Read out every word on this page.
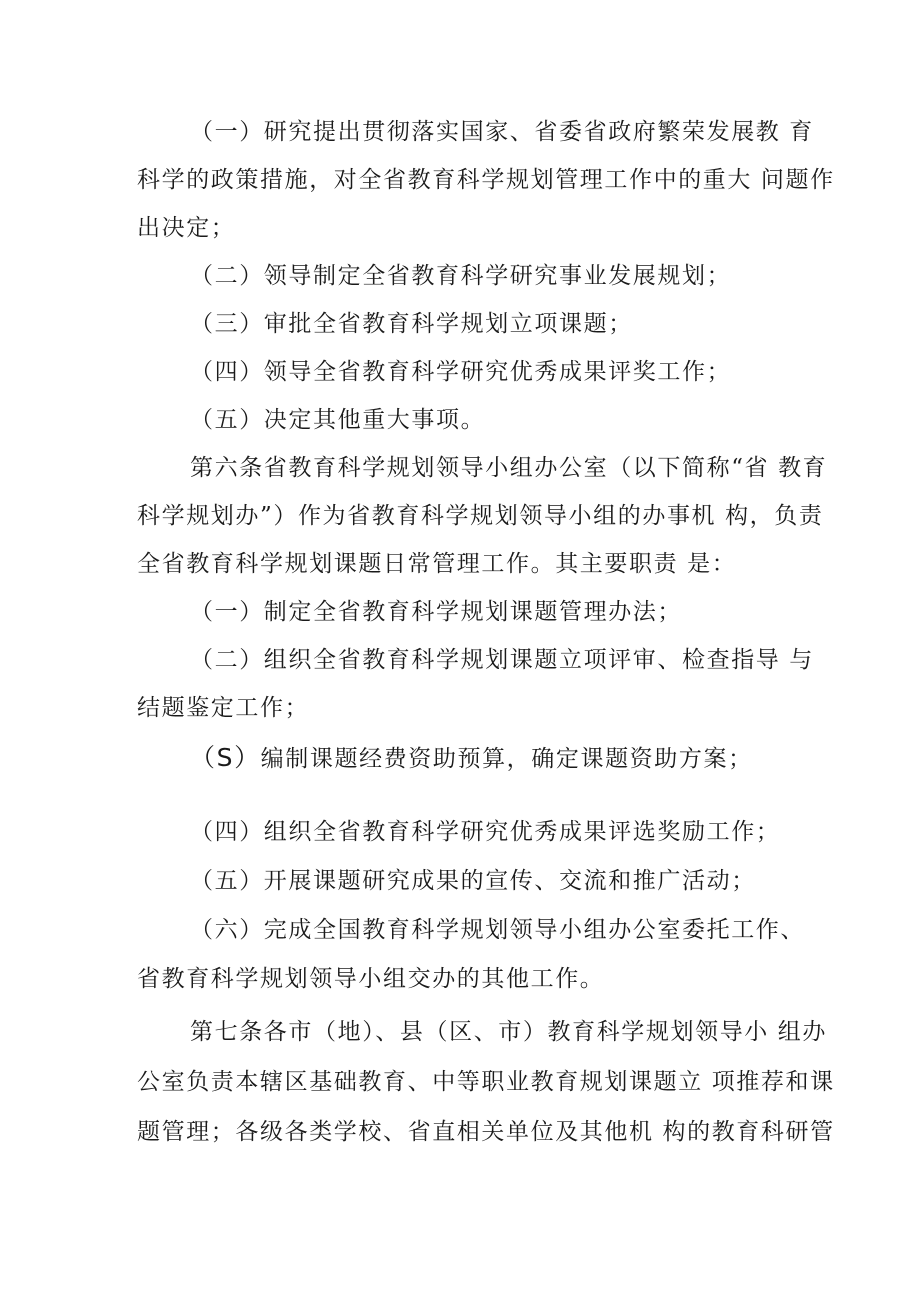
（一）研究提出贯彻落实国家、省委省政府繁荣发展教 育
科学的政策措施，对全省教育科学规划管理工作中的重大 问题作
出决定；
（二）领导制定全省教育科学研究事业发展规划；
（三）审批全省教育科学规划立项课题；
（四）领导全省教育科学研究优秀成果评奖工作；
（五）决定其他重大事项。
第六条省教育科学规划领导小组办公室（以下简称“省 教育
科学规划办”）作为省教育科学规划领导小组的办事机 构，负责
全省教育科学规划课题日常管理工作。其主要职责 是：
（一）制定全省教育科学规划课题管理办法；
（二）组织全省教育科学规划课题立项评审、检查指导 与
结题鉴定工作；
（S）编制课题经费资助预算，确定课题资助方案；
（四）组织全省教育科学研究优秀成果评选奖励工作；
（五）开展课题研究成果的宣传、交流和推广活动；
（六）完成全国教育科学规划领导小组办公室委托工作、
省教育科学规划领导小组交办的其他工作。
第七条各市（地）、县（区、市）教育科学规划领导小 组办
公室负责本辖区基础教育、中等职业教育规划课题立 项推荐和课
题管理；各级各类学校、省直相关单位及其他机 构的教育科研管
